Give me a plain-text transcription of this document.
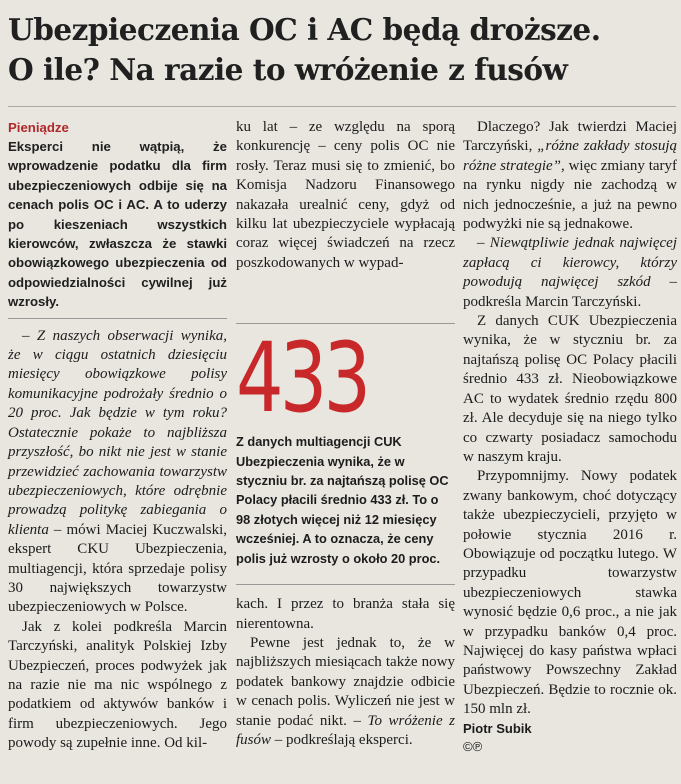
Ubezpieczenia OC i AC będą droższe.
O ile? Na razie to wróżenie z fusów
Pieniądze

Eksperci nie wątpią, że wprowadzenie podatku dla firm ubezpieczeniowych odbije się na cenach polis OC i AC. A to uderzy po kieszeniach wszystkich kierowców, zwłaszcza że stawki obowiązkowego ubezpieczenia od odpowiedzialności cywilnej już wzrosły.

– Z naszych obserwacji wynika, że w ciągu ostatnich dziesięciu miesięcy obowiązkowe polisy komunikacyjne podrożały średnio o 20 proc. Jak będzie w tym roku? Ostatecznie pokaże to najbliższa przyszłość, bo nikt nie jest w stanie przewidzieć zachowania towarzystw ubezpieczeniowych, które odrębnie prowadzą politykę zabiegania o klienta – mówi Maciej Kuczwalski, ekspert CKU Ubezpieczenia, multiagencji, która sprzedaje polisy 30 największych towarzystw ubezpieczeniowych w Polsce.

Jak z kolei podkreśla Marcin Tarczyński, analityk Polskiej Izby Ubezpieczeń, proces podwyżek jak na razie nie ma nic wspólnego z podatkiem od aktywów banków i firm ubezpieczeniowych. Jego powody są zupełnie inne. Od kil-

ku lat – ze względu na sporą konkurencję – ceny polis OC nie rosły. Teraz musi się to zmienić, bo Komisja Nadzoru Finansowego nakazała urealnić ceny, gdyż od kilku lat ubezpieczyciele wypłacają coraz więcej świadczeń na rzecz poszkodowanych w wypad-

433

Z danych multiagencji CUK Ubezpieczenia wynika, że w styczniu br. za najtańszą polisę OC Polacy płacili średnio 433 zł. To o 98 złotych więcej niż 12 miesięcy wcześniej. A to oznacza, że ceny polis już wzrosty o około 20 proc.

kach. I przez to branża stała się nierentowna.

Pewne jest jednak to, że w najbliższych miesiącach także nowy podatek bankowy znajdzie odbicie w cenach polis. Wyliczeń nie jest w stanie podać nikt. – To wróżenie z fusów – podkreślają eksperci.

Dlaczego? Jak twierdzi Maciej Tarczyński, „różne zakłady stosują różne strategie”, więc zmiany taryf na rynku nigdy nie zachodzą w nich jednocześnie, a już na pewno podwyżki nie są jednakowe.

– Niewątpliwie jednak najwięcej zapłacą ci kierowcy, którzy powodują najwięcej szkód – podkreśla Marcin Tarczyński.

Z danych CUK Ubezpieczenia wynika, że w styczniu br. za najtańszą polisę OC Polacy płacili średnio 433 zł. Nieobowiązkowe AC to wydatek średnio rzędu 800 zł. Ale decyduje się na niego tylko co czwarty posiadacz samochodu w naszym kraju.

Przypomnijmy. Nowy podatek zwany bankowym, choć dotyczący także ubezpieczycieli, przyjęto w połowie stycznia 2016 r. Obowiązuje od początku lutego. W przypadku towarzystw ubezpieczeniowych stawka wynosić będzie 0,6 proc., a nie jak w przypadku banków 0,4 proc. Najwięcej do kasy państwa wpłaci państwowy Powszechny Zakład Ubezpieczeń. Będzie to rocznie ok. 150 mln zł.

Piotr Subik
©℗
